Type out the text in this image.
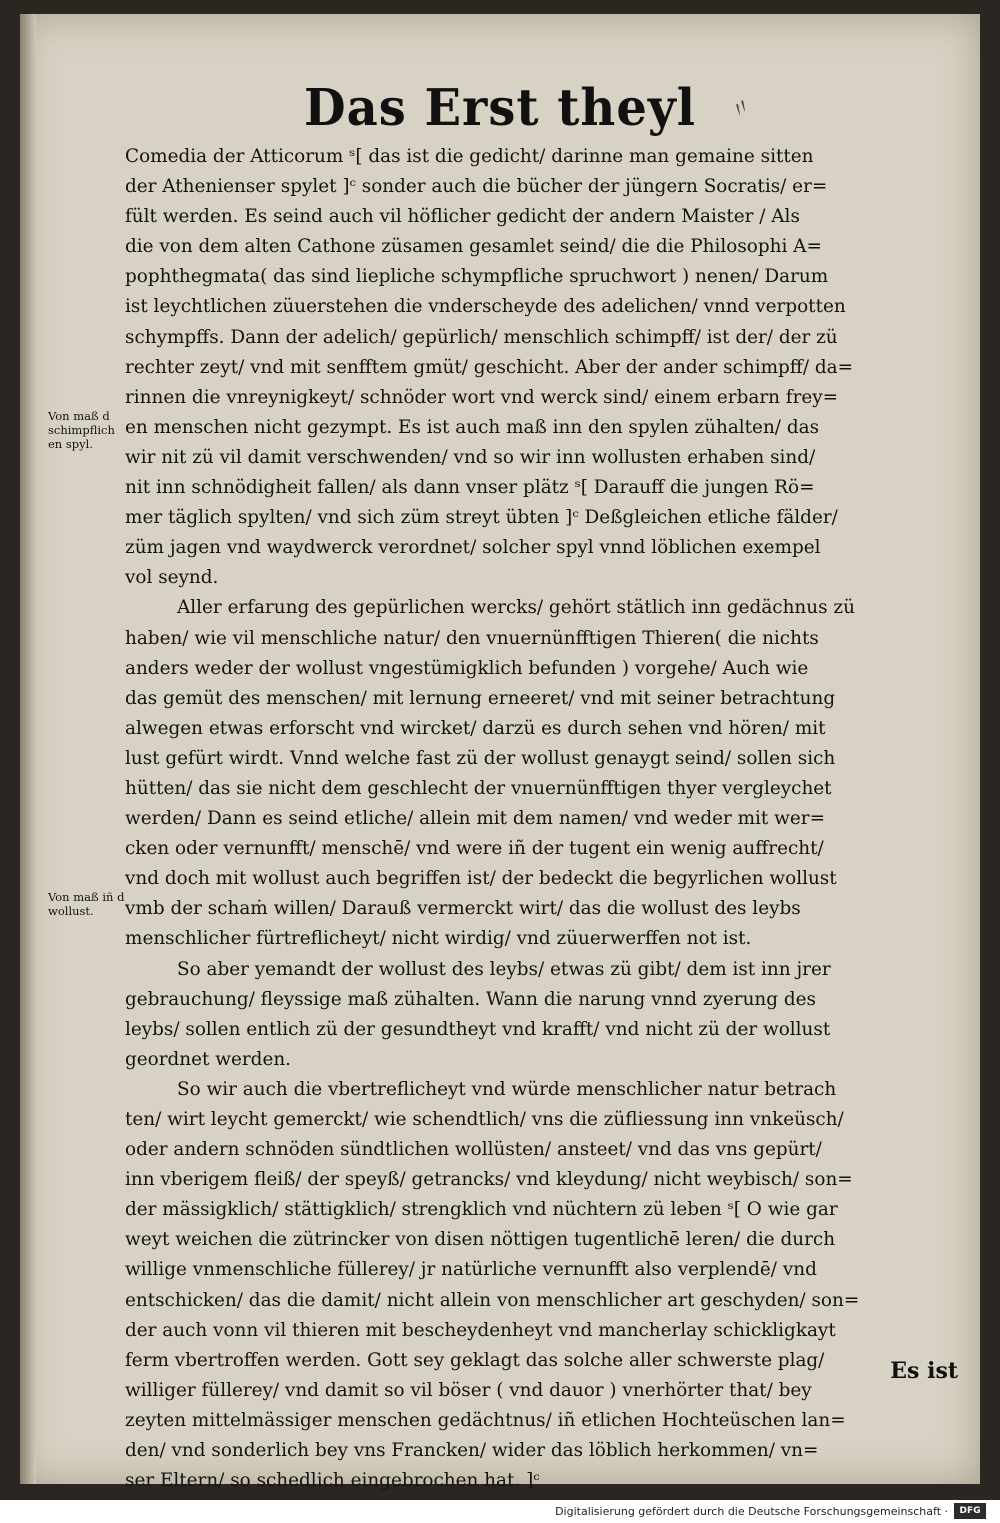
〃
Das Erst theyl
Comedia der Atticorum ˢ[ das ist die gedicht/ darinne man gemaine sitten
der Athenienser spylet ]ᶜ sonder auch die bücher der jüngern Socratis/ er=
fült werden. Es seind auch vil höflicher gedicht der andern Maister / Als
die von dem alten Cathone züsamen gesamlet seind/ die die Philosophi A=
pophthegmata( das sind liepliche schympfliche spruchwort ) nenen/ Darum
ist leychtlichen züuerstehen die vnderscheyde des adelichen/ vnnd verpotten
schympffs. Dann der adelich/ gepürlich/ menschlich schimpff/ ist der/ der zü
rechter zeyt/ vnd mit senfftem gmüt/ geschicht. Aber der ander schimpff/ da=
rinnen die vnreynigkeyt/ schnöder wort vnd werck sind/ einem erbarn frey=
en menschen nicht gezympt. Es ist auch maß inn den spylen zühalten/ das
wir nit zü vil damit verschwenden/ vnd so wir inn wollusten erhaben sind/
nit inn schnödigheit fallen/ als dann vnser plätz ˢ[ Darauff die jungen Rö=
mer täglich spylten/ vnd sich züm streyt übten ]ᶜ Deßgleichen etliche fälder/
züm jagen vnd waydwerck verordnet/ solcher spyl vnnd löblichen exempel
vol seynd.
Aller erfarung des gepürlichen wercks/ gehört stätlich inn gedächnus zü
haben/ wie vil menschliche natur/ den vnuernünfftigen Thieren( die nichts
anders weder der wollust vngestümigklich befunden ) vorgehe/ Auch wie
das gemüt des menschen/ mit lernung erneeret/ vnd mit seiner betrachtung
alwegen etwas erforscht vnd wircket/ darzü es durch sehen vnd hören/ mit
lust gefürt wirdt. Vnnd welche fast zü der wollust genaygt seind/ sollen sich
hütten/ das sie nicht dem geschlecht der vnuernünfftigen thyer vergleychet
werden/ Dann es seind etliche/ allein mit dem namen/ vnd weder mit wer=
cken oder vernunfft/ menschē/ vnd were iñ der tugent ein wenig auffrecht/
vnd doch mit wollust auch begriffen ist/ der bedeckt die begyrlichen wollust
vmb der schaṁ willen/ Darauß vermerckt wirt/ das die wollust des leybs
menschlicher fürtreflicheyt/ nicht wirdig/ vnd züuerwerffen not ist.
So aber yemandt der wollust des leybs/ etwas zü gibt/ dem ist inn jrer
gebrauchung/ fleyssige maß zühalten. Wann die narung vnnd zyerung des
leybs/ sollen entlich zü der gesundtheyt vnd krafft/ vnd nicht zü der wollust
geordnet werden.
So wir auch die vbertreflicheyt vnd würde menschlicher natur betrach
ten/ wirt leycht gemerckt/ wie schendtlich/ vns die züfliessung inn vnkeüsch/
oder andern schnöden sündtlichen wollüsten/ ansteet/ vnd das vns gepürt/
inn vberigem fleiß/ der speyß/ getrancks/ vnd kleydung/ nicht weybisch/ son=
der mässigklich/ stättigklich/ strengklich vnd nüchtern zü leben ˢ[ O wie gar
weyt weichen die zütrincker von disen nöttigen tugentlichē leren/ die durch
willige vnmenschliche füllerey/ jr natürliche vernunfft also verplendē/ vnd
entschicken/ das die damit/ nicht allein von menschlicher art geschyden/ son=
der auch vonn vil thieren mit bescheydenheyt vnd mancherlay schickligkayt
ferm vbertroffen werden. Gott sey geklagt das solche aller schwerste plag/
williger füllerey/ vnd damit so vil böser ( vnd dauor ) vnerhörter that/ bey
zeyten mittelmässiger menschen gedächtnus/ iñ etlichen Hochteüschen lan=
den/ vnd sonderlich bey vns Francken/ wider das löblich herkommen/ vn=
ser Eltern/ so schedlich eingebrochen hat. ]ᶜ
Von maß d schimpflich en spyl.
Von maß iñ d wollust.
Es ist
Digitalisierung gefördert durch die Deutsche Forschungsgemeinschaft ·	DFG
